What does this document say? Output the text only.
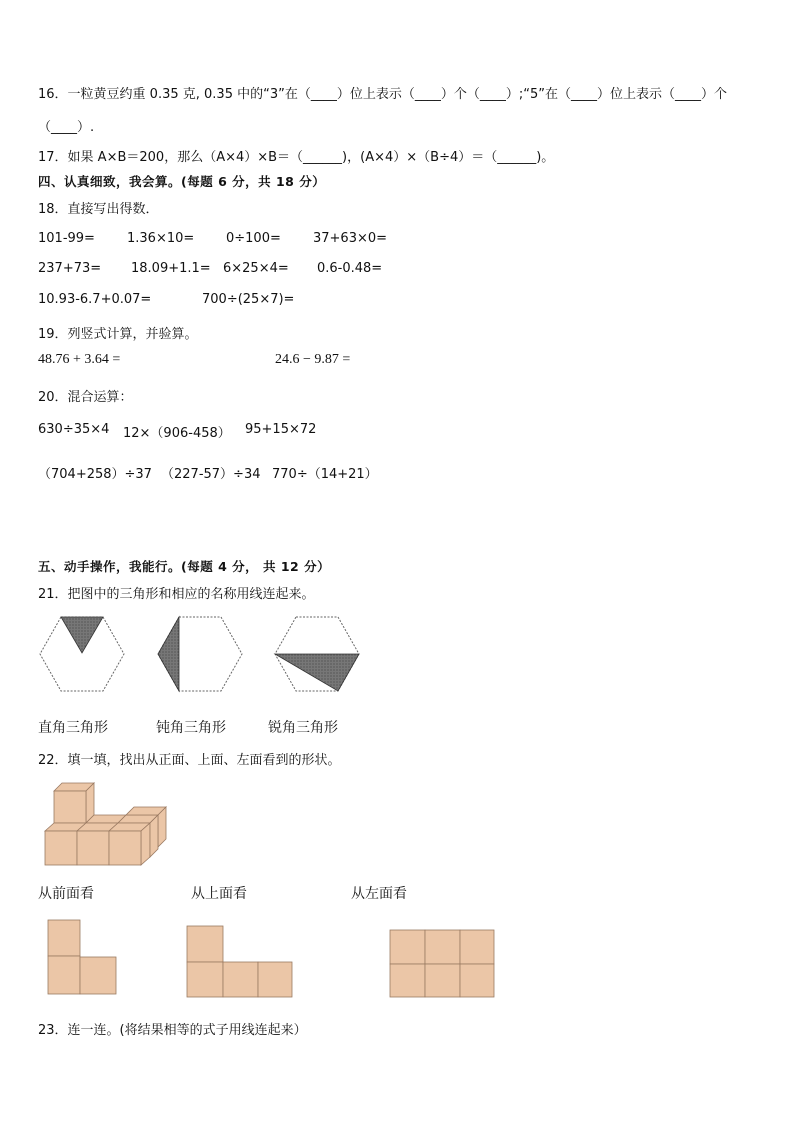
16．一粒黄豆约重 0.35 克, 0.35 中的“3”在（____）位上表示（____）个（____）;“5”在（____）位上表示（____）个
（____）.
17．如果 A×B＝200，那么（A×4）×B＝（______)，(A×4）×（B÷4）＝（______)。
四、认真细致，我会算。(每题 6 分，共 18 分）
18．直接写出得数．
101-99= 1.36×10= 0÷100= 37+63×0=
237+73= 18.09+1.1= 6×25×4= 0.6-0.48=
10.93-6.7+0.07=	700÷(25×7)=
19．列竖式计算，并验算。
48.76 + 3.64 =	24.6 − 9.87 =
20．混合运算：
630÷35×4 12×（906-458） 95+15×72
（704+258）÷37 （227-57）÷34 770÷（14+21）
五、动手操作，我能行。(每题 4 分， 共 12 分）
21．把图中的三角形和相应的名称用线连起来。
直角三角形	钝角三角形	锐角三角形
22．填一填，找出从正面、上面、左面看到的形状。
从前面看	从上面看	从左面看
23．连一连。(将结果相等的式子用线连起来）
